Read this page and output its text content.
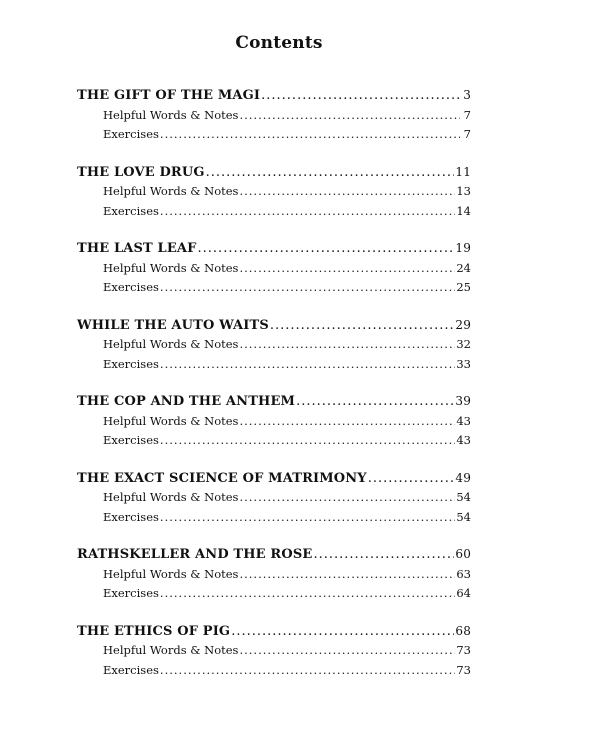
Contents
THE GIFT OF THE MAGI .....	3
Helpful Words & Notes .....	7
Exercises .....	7
THE LOVE DRUG .....	11
Helpful Words & Notes .....	13
Exercises .....	14
THE LAST LEAF .....	19
Helpful Words & Notes .....	24
Exercises .....	25
WHILE THE AUTO WAITS .....	29
Helpful Words & Notes .....	32
Exercises .....	33
THE COP AND THE ANTHEM .....	39
Helpful Words & Notes .....	43
Exercises .....	43
THE EXACT SCIENCE OF MATRIMONY .....	49
Helpful Words & Notes .....	54
Exercises .....	54
RATHSKELLER AND THE ROSE .....	60
Helpful Words & Notes .....	63
Exercises .....	64
THE ETHICS OF PIG .....	68
Helpful Words & Notes .....	73
Exercises .....	73
